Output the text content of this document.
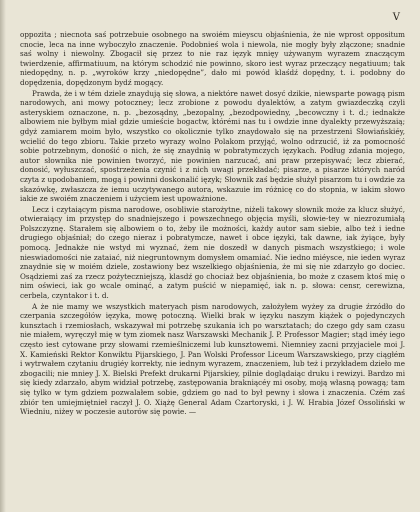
V

oppozita ; niecnota saś potrzebuie osobnego na swoiém mieyscu objaśnienia, że nie wprost oppositum cnocie, leca na inne wyboczyło znaczenie. Podobnieś wola i niewola, nie mogły były złączone; snadnie saś wolny i niewolny. Zbogacił się przez to nie raz ięzyk mnięy używanym wyrazem znaczącym twierdzenie, affirmatiuum, na którym schodzić nie powinno, skoro iest wyraz przeczący negatiuum; tak niedopędny, n. p. „wyroków krzy „niedopędne”, dało mi powód klaśdź dopędny, t. i. podobny do dopędzenia, dopędzonym bydź mogący.

Prawda, że i w tém dziele znaydują się słowa, a niektóre nawet dosyć dzikie, niewsparte powagą pism narodowych, ani mowy potoczney; lecz zrobione z powodu dyalektów, a zatym gwiazdeczką czyli asteryskiem oznaczone, n. p. „bezosądny, „bezopalny, „bezodpowiedny, „becowczny i t. d.; iednakże albowiem nie byłbym miał gdzie umieście bogactw, którémi nas tu i owdzie inne dyalekty przewyższaią; gdyż zamiarem moim było, wszystko co okolicznie tylko znaydowało się na przestrzeni Słowiańskiéy, wcielić do tego zbioru. Takie przeto wyrazy wolno Polakom przyjąć, wolno odrzucić, iż za pomocność sobie potrzebnym, donośić o nich, że się znaydnią w pobratymczych ięzykach. Podług zdania mojego, autor słownika nie powinien tworzyć, nie powinien narzucać, ani praw przepisywać; lecz zbierać, donosić, wyłuszczać, spostrzeżenia czynić i z nich uwagi przekładać; pisarze, a pisarze których naród czyta z upodobaniem, mogą i powinni doskonalić ięzyk; Słownik zaś będzie służył pisarzom tu i owdzie za skazówkę, zwłaszcza że iemu uczytywanego autora, wskazuie im różnicę co do stopnia, w iakim słowo iakie ze swoiém znaczeniem i użyciem iest upoważnione.

Lecz i czytaiącym pisma narodowe, osobliwie starożytne, niżeli takowy słownik może za klucz służyć, otwieraiący im przystęp do snadniejszego i powszechnego objęcia myśli, słowie-tey w niezrozumiałą Polszczyznę. Starałem się albowiem o to, żeby ile możności, każdy autor sam siebie, albo też i iedne drugiego objaśniał; do czego nieraz i pobratymcze, nawet i obce ięzyki, tak dawne, iak żyiące, były pomocą. Jednakże nie wstyd mi wyznać, żem nie doszedł w danych pismach wszystkiego; i wole nieswiadomości nie zataiać, niż niegruntownym domysłem omamiać. Nie iedno miéysce, nie ieden wyraz znaydnie się w moiém dziele, zostawiony bez wszelkiego objaśnienia, że mi się nie zdarzyło go dociec. Osądziemi zaś za rzecz pożyteczniejszą, klasdź go chociaż bez objaśnienia, bo może z czasem ktoś mię o nim oświeci, iak go wcale ominąć, a zatym puścić w niepamięć, iak n. p. słowa: censr, cerewizna, cerbela, czyntakor i t. d.

A że nie mamy we wszystkich materyach pism narodowych, założyłem wyżey za drugie źrzódło do czerpania szczegółów ięzyka, mowę potoczną. Wielki brak w ięzyku naszym kiążek o pojedynczych kunsztach i rzemiosłach, wskazywał mi potrzebę szukania ich po warsztatach; do czego gdy sam czasu nie miałem, wyręczył mię w tym ziomek nasz Warszawski Mechanik J. P. Professor Magier; stąd iméy iego często iest cytowane przy słowami rzemieślniczemi lub kunsztowemi. Niemniey zacni przyjaciele moi J. X. Kamieński Rektor Konwiktu Pijarskiego, J. Pan Wolski Professor Liceum Warszawskiego, przy ciągłém i wytrwałem czytaniu drugiéy korrekty, nie iednym wyrazem, znaczeniem, lub też i przykładem dzieło me zbogacili; nie mniey J. X. Bielski Prefekt drukarni Pijarskiey, pilnie doglądaiąc druku i rewizyi. Bardzo mi się kiedy zdarzało, abym widział potrzebę, zastępowania brakniącéy mi osoby, moją własną powagą; tam się tylko w tym gdziem pozwalałem sobie, gdziem go nad to był pewny i słowa i znaczenia. Czém zaś zbiór ten umiejmiętnieł raczył J. O. Xiążę General Adam Czartoryski, i J. W. Hrabia Józef Ossoliński w Wiedniu, niżey w poczesie autorów się powie. —
